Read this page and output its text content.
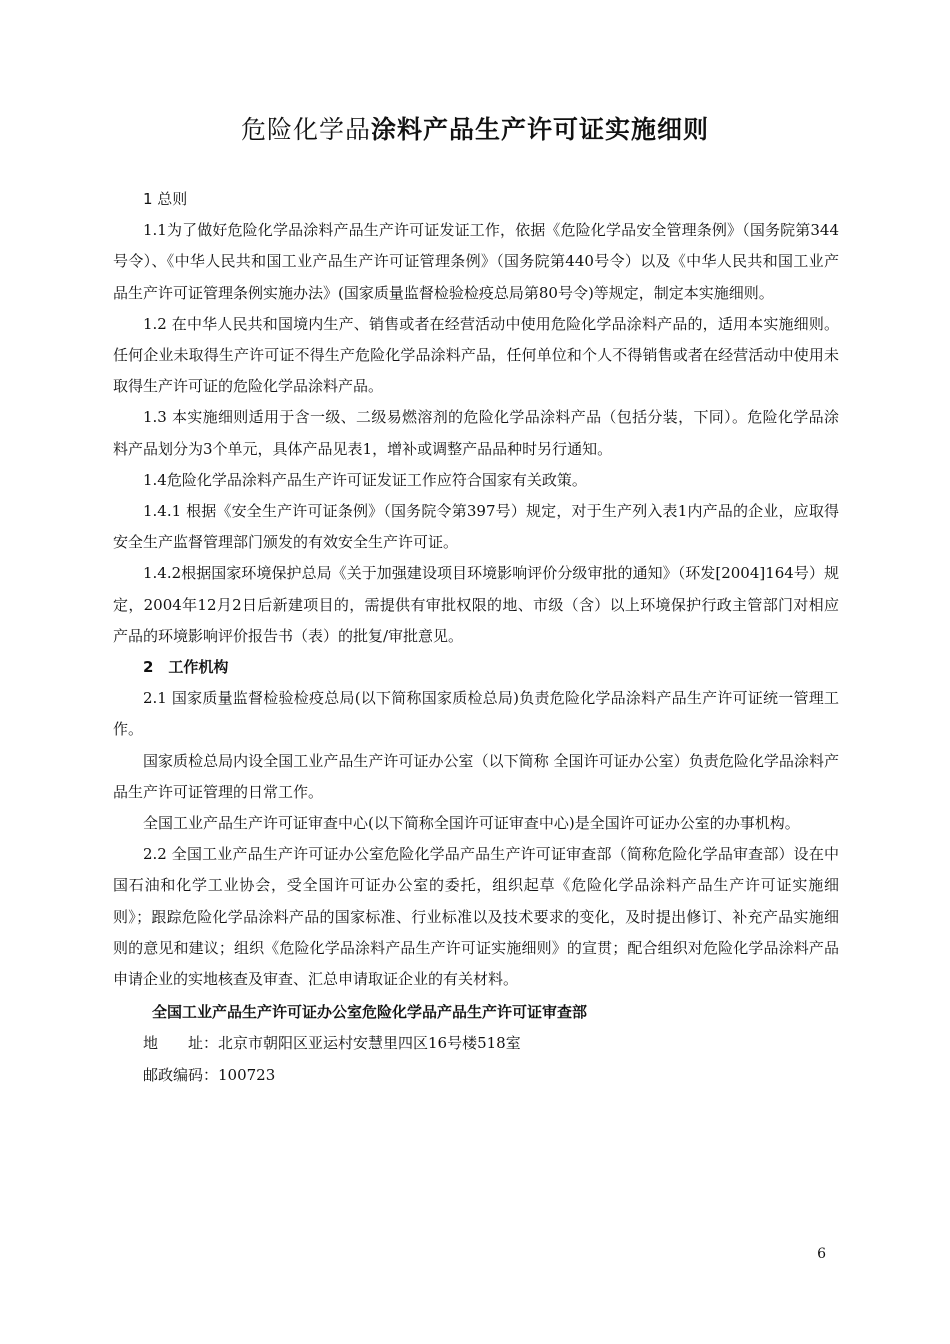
危险化学品涂料产品生产许可证实施细则

1 总则

1.1为了做好危险化学品涂料产品生产许可证发证工作，依据《危险化学品安全管理条例》（国务院第344号令）、《中华人民共和国工业产品生产许可证管理条例》（国务院第440号令）以及《中华人民共和国工业产品生产许可证管理条例实施办法》(国家质量监督检验检疫总局第80号令)等规定，制定本实施细则。

1.2 在中华人民共和国境内生产、销售或者在经营活动中使用危险化学品涂料产品的，适用本实施细则。任何企业未取得生产许可证不得生产危险化学品涂料产品，任何单位和个人不得销售或者在经营活动中使用未取得生产许可证的危险化学品涂料产品。

1.3 本实施细则适用于含一级、二级易燃溶剂的危险化学品涂料产品（包括分装，下同）。危险化学品涂料产品划分为3个单元，具体产品见表1，增补或调整产品品种时另行通知。

1.4危险化学品涂料产品生产许可证发证工作应符合国家有关政策。

1.4.1 根据《安全生产许可证条例》（国务院令第397号）规定，对于生产列入表1内产品的企业，应取得安全生产监督管理部门颁发的有效安全生产许可证。

1.4.2根据国家环境保护总局《关于加强建设项目环境影响评价分级审批的通知》（环发[2004]164号）规定，2004年12月2日后新建项目的，需提供有审批权限的地、市级（含）以上环境保护行政主管部门对相应产品的环境影响评价报告书（表）的批复/审批意见。

2　工作机构

2.1 国家质量监督检验检疫总局(以下简称国家质检总局)负责危险化学品涂料产品生产许可证统一管理工作。

国家质检总局内设全国工业产品生产许可证办公室（以下简称 全国许可证办公室）负责危险化学品涂料产品生产许可证管理的日常工作。

全国工业产品生产许可证审查中心(以下简称全国许可证审查中心)是全国许可证办公室的办事机构。

2.2 全国工业产品生产许可证办公室危险化学品产品生产许可证审查部（简称危险化学品审查部）设在中国石油和化学工业协会，受全国许可证办公室的委托，组织起草《危险化学品涂料产品生产许可证实施细则》；跟踪危险化学品涂料产品的国家标准、行业标准以及技术要求的变化，及时提出修订、补充产品实施细则的意见和建议；组织《危险化学品涂料产品生产许可证实施细则》的宣贯；配合组织对危险化学品涂料产品申请企业的实地核查及审查、汇总申请取证企业的有关材料。

全国工业产品生产许可证办公室危险化学品产品生产许可证审查部

地　　址：北京市朝阳区亚运村安慧里四区16号楼518室

邮政编码：100723

6
